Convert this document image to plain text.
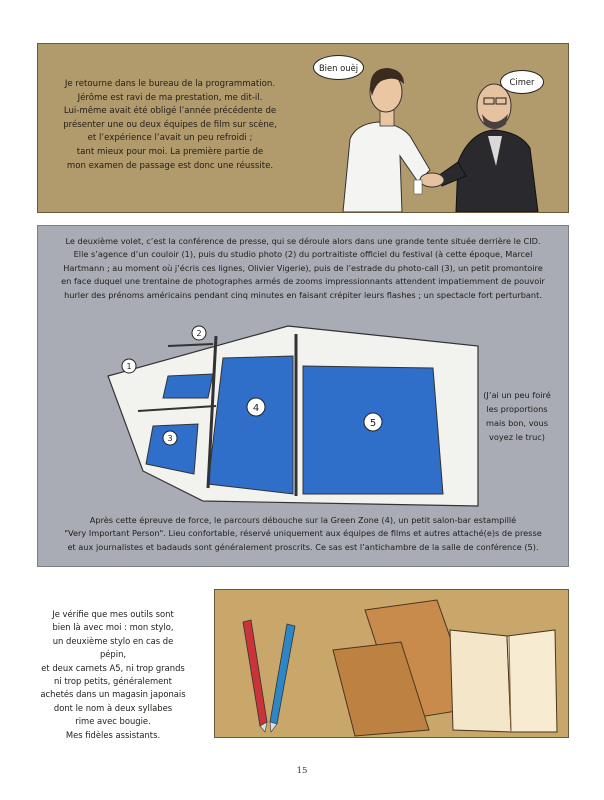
Je retourne dans le bureau de la programmation.
Jérôme est ravi de ma prestation, me dit-il.
Lui-même avait été obligé l’année précédente de
présenter une ou deux équipes de film sur scène,
et l’expérience l’avait un peu refroidi ;
tant mieux pour moi. La première partie de
mon examen de passage est donc une réussite.
Bien ouèj
Cimer
Le deuxième volet, c’est la conférence de presse, qui se déroule alors dans une grande tente située derrière le CID.
Elle s’agence d’un couloir (1), puis du studio photo (2) du portraitiste officiel du festival (à cette époque, Marcel
Hartmann ; au moment où j’écris ces lignes, Olivier Vigerie), puis de l’estrade du photo-call (3), un petit promontoire
en face duquel une trentaine de photographes armés de zooms impressionnants attendent impatiemment de pouvoir
hurler des prénoms américains pendant cinq minutes en faisant crépiter leurs flashes ; un spectacle fort perturbant.
1
2
3
4
5
(J’ai un peu foiré
les proportions
mais bon, vous
voyez le truc)
Après cette épreuve de force, le parcours débouche sur la Green Zone (4), un petit salon-bar estampillé
"Very Important Person". Lieu confortable, réservé uniquement aux équipes de films et autres attaché(e)s de presse
et aux journalistes et badauds sont généralement proscrits. Ce sas est l’antichambre de la salle de conférence (5).
Je vérifie que mes outils sont
bien là avec moi : mon stylo,
un deuxième stylo en cas de pépin,
et deux carnets A5, ni trop grands
ni trop petits, généralement
achetés dans un magasin japonais
dont le nom à deux syllabes
rime avec bougie.
Mes fidèles assistants.
15
